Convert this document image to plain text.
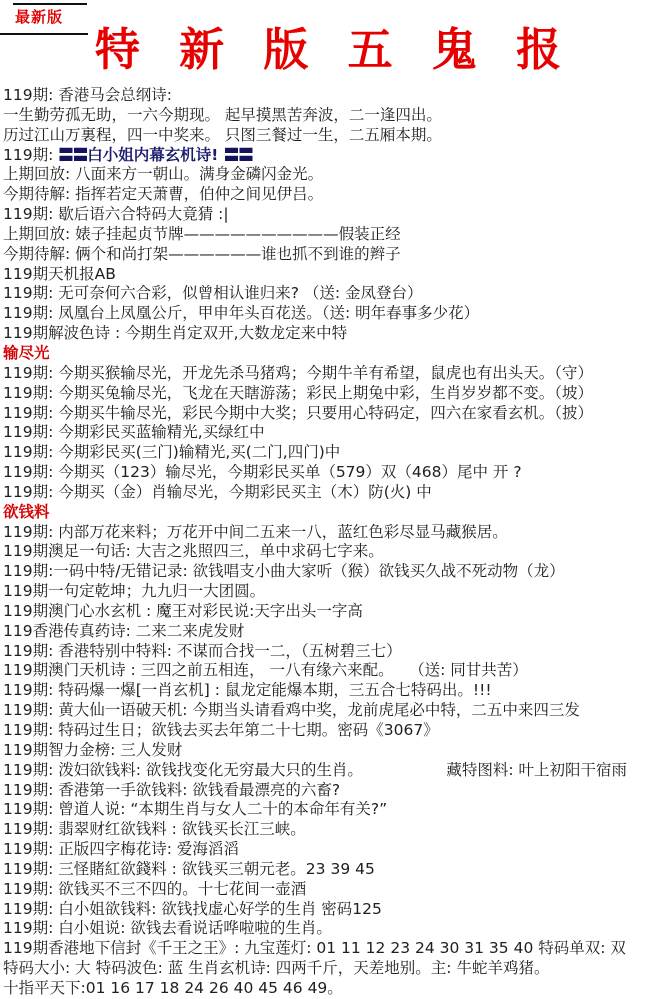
最新版
特 新 版 五 鬼 报
119期: 香港马会总纲诗:
一生勤劳孤无助，一六今期现。 起早摸黑苦奔波，二一逢四出。
历过江山万裏程，四一中奖来。 只图三餐过一生，二五厢本期。
119期: 〓〓白小姐内幕玄机诗! 〓〓
上期回放: 八面来方一朝山。满身金磷闪金光。
今期待解: 指挥若定天萧曹，伯仲之间见伊吕。
119期: 歇后语六合特码大竟猜 :|
上期回放: 婊子挂起贞节牌——————————假装正经
今期待解: 俩个和尚打架——————谁也抓不到谁的辫子
119期天机报AB
119期: 无可奈何六合彩，似曾相认谁归来? （送: 金凤登台）
119期: 凤凰台上凤凰公斤，甲申年头百花送。（送: 明年春事多少花）
119期解波色诗 : 今期生肖定双开,大数龙定来中特
输尽光
119期: 今期买猴输尽光，开龙先杀马猪鸡；今期牛羊有希望，鼠虎也有出头天。（守）
119期: 今期买兔输尽光，飞龙在天瞎游荡；彩民上期兔中彩，生肖岁岁都不变。（坡）
119期: 今期买牛输尽光，彩民今期中大奖；只要用心特码定，四六在家看玄机。（披）
119期: 今期彩民买蓝输精光,买绿红中
119期: 今期彩民买(三门)输精光,买(二门,四门)中
119期: 今期买（123）输尽光，今期彩民买单（579）双（468）尾中 开 ?
119期: 今期买（金）肖输尽光，今期彩民买主（木）防(火) 中
欲钱料
119期: 内部万花来料；万花开中间二五来一八，蓝红色彩尽显马藏猴居。
119期澳足一句话: 大吉之兆照四三，单中求码七字来。
119期:一码中特/无错记录: 欲钱唱支小曲大家听（猴）欲钱买久战不死动物（龙）
119期一句定乾坤；九九归一大团圆。
119期澳门心水玄机 : 魔王对彩民说:天字出头一字高
119香港传真药诗: 二来二来虎发财
119期: 香港特别中特料: 不谋而合找一二，（五树碧三七）
119期澳门天机诗 : 三四之前五相连， 一八有缘六来配。　　（送: 同甘共苦）
119期: 特码爆一爆[一肖玄机] : 鼠龙定能爆本期，三五合七特码出。!!!
119期: 黄大仙一语破天机: 今期当头请看鸡中奖，龙前虎尾必中特，二五中来四三发
119期: 特码过生日；欲钱去买去年第二十七期。密码《3067》
119期智力金榜: 三人发财
119期: 泼妇欲钱料: 欲钱找变化无穷最大只的生肖。	藏特图料: 叶上初阳干宿雨
119期: 香港第一手欲钱料: 欲钱看最漂亮的六畜?
119期: 曾道人说: “本期生肖与女人二十的本命年有关?”
119期: 翡翠财红欲钱料 : 欲钱买长江三峡。
119期: 正版四字梅花诗: 爱海滔滔
119期: 三怪賭紅欲錢料 : 欲钱买三朝元老。23 39 45
119期: 欲钱买不三不四的。十七花间一壶酒
119期: 白小姐欲钱料: 欲钱找虚心好学的生肖 密码125
119期: 白小姐说: 欲钱去看说话哗啦啦的生肖。
119期香港地下信封《千王之王》: 九宝莲灯: 01 11 12 23 24 30 31 35 40 特码单双: 双
特码大小: 大 特码波色: 蓝 生肖玄机诗: 四两千斤，天差地别。主: 牛蛇羊鸡猪。
十指平天下:01 16 17 18 24 26 40 45 46 49。
